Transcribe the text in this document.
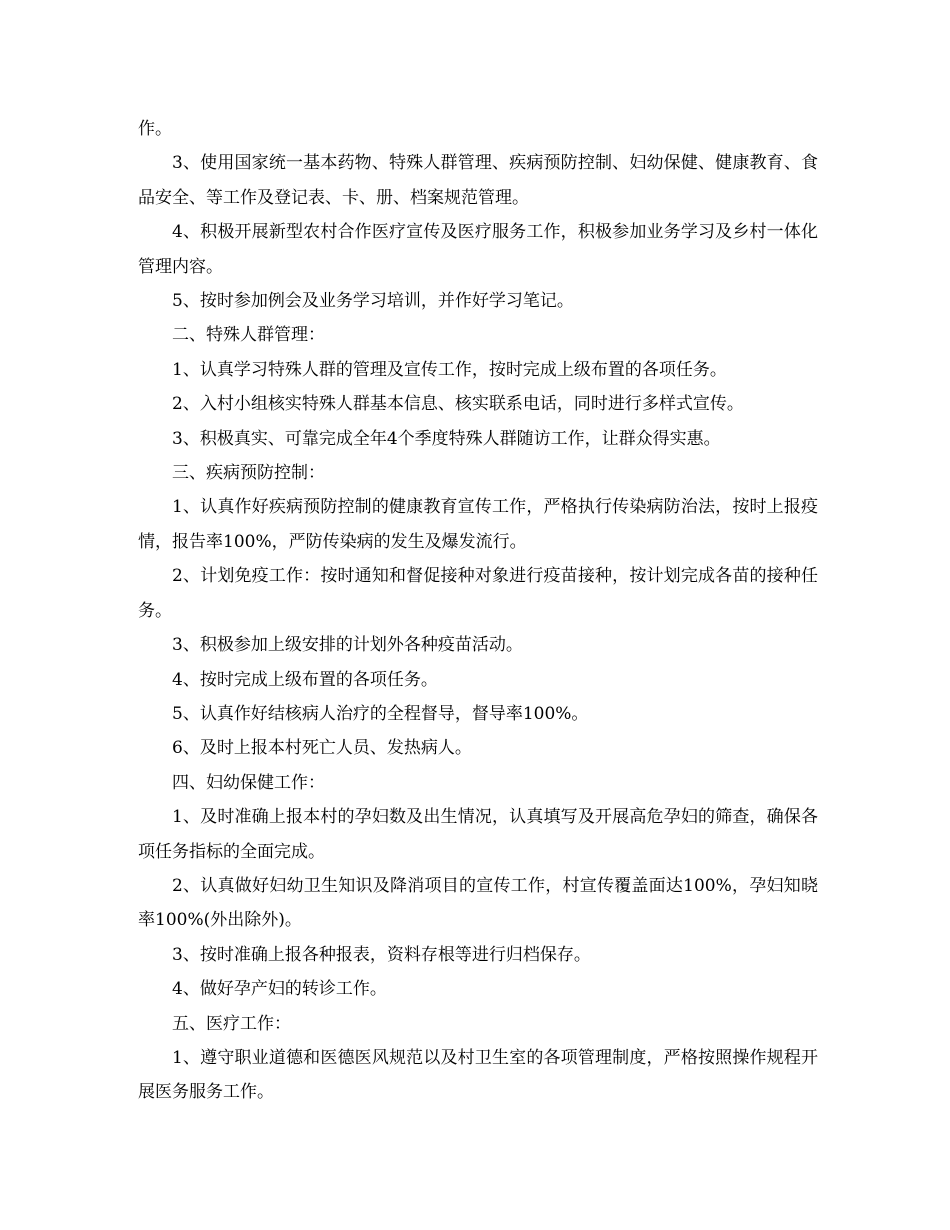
作。

3、使用国家统一基本药物、特殊人群管理、疾病预防控制、妇幼保健、健康教育、食品安全、等工作及登记表、卡、册、档案规范管理。

4、积极开展新型农村合作医疗宣传及医疗服务工作，积极参加业务学习及乡村一体化管理内容。

5、按时参加例会及业务学习培训，并作好学习笔记。

二、特殊人群管理：

1、认真学习特殊人群的管理及宣传工作，按时完成上级布置的各项任务。

2、入村小组核实特殊人群基本信息、核实联系电话，同时进行多样式宣传。

3、积极真实、可靠完成全年4个季度特殊人群随访工作，让群众得实惠。

三、疾病预防控制：

1、认真作好疾病预防控制的健康教育宣传工作，严格执行传染病防治法，按时上报疫情，报告率100%，严防传染病的发生及爆发流行。

2、计划免疫工作：按时通知和督促接种对象进行疫苗接种，按计划完成各苗的接种任务。

3、积极参加上级安排的计划外各种疫苗活动。

4、按时完成上级布置的各项任务。

5、认真作好结核病人治疗的全程督导，督导率100%。

6、及时上报本村死亡人员、发热病人。

四、妇幼保健工作：

1、及时准确上报本村的孕妇数及出生情况，认真填写及开展高危孕妇的筛查，确保各项任务指标的全面完成。

2、认真做好妇幼卫生知识及降消项目的宣传工作，村宣传覆盖面达100%，孕妇知晓率100%(外出除外)。

3、按时准确上报各种报表，资料存根等进行归档保存。

4、做好孕产妇的转诊工作。

五、医疗工作：

1、遵守职业道德和医德医风规范以及村卫生室的各项管理制度，严格按照操作规程开展医务服务工作。
